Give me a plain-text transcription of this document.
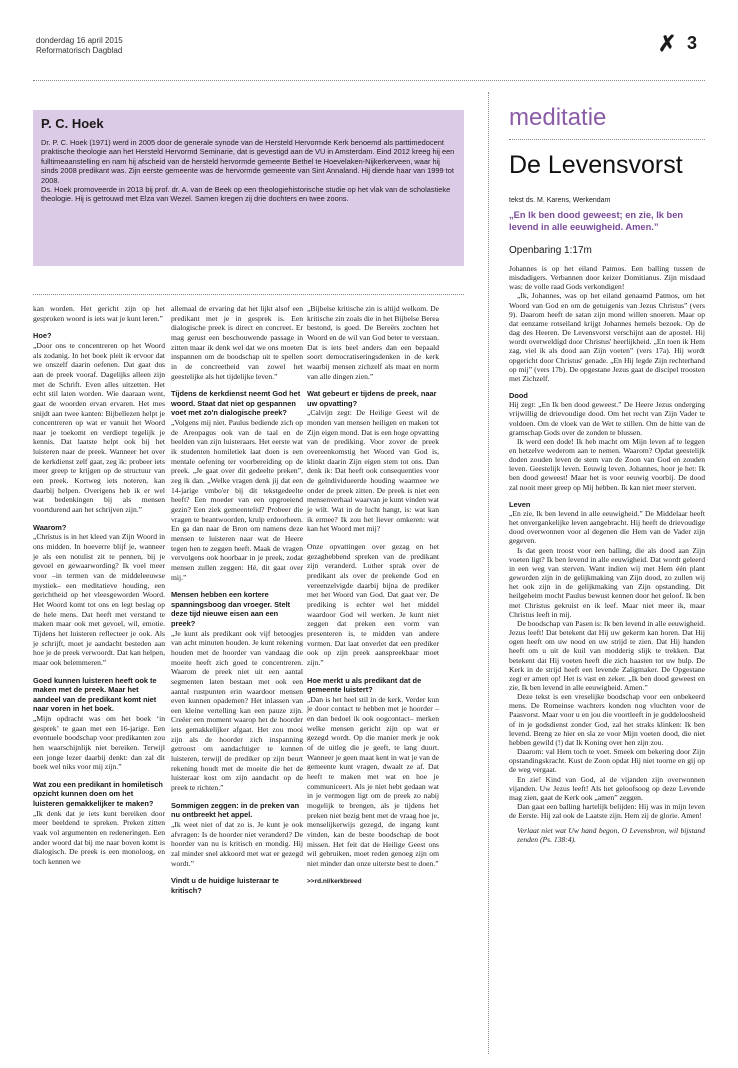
donderdag 16 april 2015
Reformatorisch Dagblad	✗ 3
P. C. Hoek

Dr. P. C. Hoek (1971) werd in 2005 door de generale synode van de Hersteld Hervormde Kerk benoemd als parttimedocent praktische theologie aan het Hersteld Hervormd Seminarie, dat is gevestigd aan de VU in Amsterdam. Eind 2012 kreeg hij een fulltimeaanstelling en nam hij afscheid van de hersteld hervormde gemeente Bethel te Hoevelaken-Nijkerkerveen, waar hij sinds 2008 predikant was. Zijn eerste gemeente was de hervormde gemeente van Sint Annaland. Hij diende haar van 1999 tot 2008.

Ds. Hoek promoveerde in 2013 bij prof. dr. A. van de Beek op een theologiehistorische studie op het vlak van de scholastieke theologie. Hij is getrouwd met Elza van Wezel. Samen kregen zij drie dochters en twee zoons.

kan worden. Het gericht zijn op het gesproken woord is iets wat je kunt leren.”

Hoe?

„Door ons te concentreren op het Woord als zodanig. In het boek pleit ik ervoor dat we onszelf daarin oefenen. Dat gaat dus aan de preek vooraf. Dagelijks alleen zijn met de Schrift. Even alles uitzetten. Het echt stil laten worden. Wie daaraan went, gaat de woorden ervan ervaren. Het mes snijdt aan twee kanten: Bijbellezen helpt je concentreren op wat er vanuit het Woord naar je toekomt en verdiept tegelijk je kennis. Dat laatste helpt ook bij het luisteren naar de preek. Wanneer het over de kerkdienst zelf gaat, zeg ik: probeer iets meer greep te krijgen op de structuur van een preek. Kortweg iets noteren, kan daarbij helpen. Overigens heb ik er wel wat bedenkingen bij als mensen voortdurend aan het schrijven zijn.”

Waarom?

„Christus is in het kleed van Zijn Woord in ons midden. In hoeverre blijf je, wanneer je als een notulist zit te pennen, bij je gevoel en gewaarwording? Ik voel meer voor –in termen van de middeleeuwse mystiek– een meditatieve houding, een gerichtheid op het vleesgeworden Woord. Het Woord komt tot ons en legt beslag op de hele mens. Dat heeft met verstand te maken maar ook met gevoel, wil, emotie. Tijdens het luisteren reflecteer je ook. Als je schrijft, moet je aandacht besteden aan hoe je de preek verwoordt. Dat kan helpen, maar ook belemmeren.”

Goed kunnen luisteren heeft ook te maken met de preek. Maar het aandeel van de predikant komt niet naar voren in het boek.

„Mijn opdracht was om het boek ‘in gesprek’ te gaan met een 16-jarige. Een eventuele boodschap voor predikanten zou hen waarschijnlijk niet bereiken. Terwijl een jonge lezer daarbij denkt: dan zal dit boek wel niks voor mij zijn.”

Wat zou een predikant in homiletisch opzicht kunnen doen om het luisteren gemakkelijker te maken?

„Ik denk dat je iets kunt bereiken door meer beeldend te spreken. Preken zitten vaak vol argumenten en redeneringen. Een ander woord dat bij me naar boven komt is dialogisch. De preek is een monoloog, en toch kennen we

allemaal de ervaring dat het lijkt alsof een predikant met je in gesprek is. Een dialogische preek is direct en concreet. Er mag gerust een beschouwende passage in zitten maar ik denk wel dat we ons moeten inspannen om de boodschap uit te spellen in de concreetheid van zowel het geestelijke als het tijdelijke leven.”

Tijdens de kerkdienst neemt God het woord. Staat dat niet op gespannen voet met zo'n dialogische preek?

„Volgens mij niet. Paulus bediende zich op de Areopagus ook van de taal en de beelden van zijn luisteraars. Het eerste wat ik studenten homiletiek laat doen is een mentale oefening ter voorbereiding op de preek. „Je gaat over dit gedeelte preken”, zeg ik dan. „Welke vragen denk jij dat een 14-jarige vmbo'er bij dit tekstgedeelte heeft? Een moeder van een opgroeiend gezin? Een ziek gemeentelid? Probeer die vragen te beantwoorden, krulp erdoorheen. En ga dan naar de Bron om namens deze mensen te luisteren naar wat de Heere tegen hen te zeggen heeft. Maak de vragen vervolgens ook hoorbaar in je preek, zodat mensen zullen zeggen: Hé, dit gaat over mij.”

Mensen hebben een kortere spanningsboog dan vroeger. Stelt deze tijd nieuwe eisen aan een preek?

„Je kunt als predikant ook vijf betoogjes van acht minuten houden. Je kunt rekening houden met de hoorder van vandaag die moeite heeft zich goed te concentreren. Waarom de preek niet uit een aantal segmenten laten bestaan met ook een aantal rustpunten erin waardoor mensen even kunnen opademen? Het inlassen van een kleine vertelling kan een pauze zijn. Creëer een moment waarop het de hoorder iets gemakkelijker afgaat. Het zou mooi zijn als de hoorder zich inspanning getroost om aandachtiger te kunnen luisteren, terwijl de prediker op zijn beurt rekening houdt met de moeite die het de luisteraar kost om zijn aandacht op de preek te richten.”

Sommigen zeggen: in de preken van nu ontbreekt het appel.

„Ik weet niet of dat zo is. Je kunt je ook afvragen: Is de hoorder niet veranderd? De hoorder van nu is kritisch en mondig. Hij zal minder snel akkoord met wat er gezegd wordt.”

Vindt u de huidige luisteraar te kritisch?

„Bijbelse kritische zin is altijd welkom. De kritische zin zoals die in het Bijbelse Berea bestond, is goed. De Bereërs zochten het Woord en de wil van God beter te verstaan. Dat is iets heel anders dan een bepaald soort democratiseringsdenken in de kerk waarbij mensen zichzelf als maat en norm van alle dingen zien.”

Wat gebeurt er tijdens de preek, naar uw opvatting?

„Calvijn zegt: De Heilige Geest wil de monden van mensen heiligen en maken tot Zijn eigen mond. Dat is een hoge opvatting van de prediking. Voor zover de preek overeenkomstig het Woord van God is, klinkt daarin Zijn eigen stem tot ons. Dan denk ik: Dat heeft ook consequenties voor de geïndividueerde houding waarmee we onder de preek zitten. De preek is niet een mensenverhaal waarvan je kunt vinden wat je wilt. Wat in de lucht hangt, is: wat kan ik ermee? Ik zou het liever omkeren: wat kan het Woord met mij?

Onze opvattingen over gezag en het gezaghebbend spreken van de predikant zijn veranderd. Luther sprak over de predikant als over de prekende God en vereenzelvigde daarbij bijna de prediker met het Woord van God. Dat gaat ver. De prediking is echter wel het middel waardoor God wil werken. Je kunt niet zeggen dat preken een vorm van presenteren is, te midden van andere vormen. Dat laat onverlet dat een prediker ook op zijn preek aanspreekbaar moet zijn.”

Hoe merkt u als predikant dat de gemeente luistert?

„Dan is het heel stil in de kerk. Verder kun je door contact te hebben met je hoorder –en dan bedoel ik ook oogcontact– merken welke mensen gericht zijn op wat er gezegd wordt. Op die manier merk je ook of de uitleg die je geeft, te lang duurt. Wanneer je geen maat kent in wat je van de gemeente kunt vragen, dwaalt ze af. Dat heeft te maken met wat en hoe je communiceert. Als je niet hebt gedaan wat in je vermogen ligt om de preek zo nabij mogelijk te brengen, als je tijdens het preken niet bezig bent met de vraag hoe je, menselijkerwijs gezegd, de ingang kunt vinden, kan de beste boodschap de boot missen. Het feit dat de Heilige Geest ons wil gebruiken, moet reden genoeg zijn om niet minder dan onze uiterste best te doen.”

>>rd.nl/kerkbreed

meditatie
De Levensvorst
tekst ds. M. Karens, Werkendam
„En Ik ben dood geweest; en zie, Ik ben levend in alle eeuwigheid. Amen.”
Openbaring 1:17m

Johannes is op het eiland Patmos. Een balling tussen de misdadigers. Verbannen door keizer Domitianus. Zijn misdaad was: de volle raad Gods verkondigen!

„Ik, Johannes, was op het eiland genaamd Patmos, om het Woord van God en om de getuigenis van Jezus Christus” (vers 9). Daarom heeft de satan zijn mond willen snoeren. Maar op dat eenzame rotseiland krijgt Johannes hemels bezoek. Op de dag des Heeren. De Levensvorst verschijnt aan de apostel. Hij wordt overweldigd door Christus' heerlijkheid. „En toen ik Hem zag, viel ik als dood aan Zijn voeten” (vers 17a). Hij wordt opgericht door Christus' genade. „En Hij legde Zijn rechterhand op mij” (vers 17b). De opgestane Jezus gaat de discipel troosten met Zichzelf.

Dood

Hij zegt: „En Ik ben dood geweest.” De Heere Jezus onderging vrijwillig de drievoudige dood. Om het recht van Zijn Vader te voldoen. Om de vloek van de Wet te stillen. Om de hitte van de gramschap Gods over de zonden te blussen.

Ik werd een dode! Ik heb macht om Mijn leven af te leggen en hetzelve wederom aan te nemen. Waarom? Opdat geestelijk doden zouden leven de stem van de Zoon van God en zouden leven. Geestelijk leven. Eeuwig leven. Johannes, hoor je het: Ik ben dood geweest! Maar het is voor eeuwig voorbij. De dood zal nooit meer greep op Mij hebben. Ik kan niet meer sterven.

Leven

„En zie, Ik ben levend in alle eeuwigheid.” De Middelaar heeft het onvergankelijke leven aangebracht. Hij heeft de drievoudige dood overwonnen voor al degenen die Hem van de Vader zijn gegeven.

Is dat geen troost voor een balling, die als dood aan Zijn voeten ligt? Ik ben levend in alle eeuwigheid. Dat wordt geleerd in een weg van sterven. Want indien wij met Hem één plant geworden zijn in de gelijkmaking van Zijn dood, zo zullen wij het ook zijn in de gelijkmaking van Zijn opstanding. Dit heilgeheim mocht Paulus bewust kennen door het geloof. Ik ben met Christus gekruist en ik leef. Maar niet meer ik, maar Christus leeft in mij.

De boodschap van Pasen is: Ik ben levend in alle eeuwigheid. Jezus leeft! Dat betekent dat Hij uw gekerm kan horen. Dat Hij ogen heeft om uw nood en uw strijd te zien. Dat Hij handen heeft om u uit de kuil van modderig slijk te trekken. Dat betekent dat Hij voeten heeft die zich haasten tot uw hulp. De Kerk in de strijd heeft een levende Zaligmaker. De Opgestane zegt er amen op! Het is vast en zeker. „Ik ben dood geweest en zie, Ik ben levend in alle eeuwigheid. Amen.”

Deze tekst is een vreselijke boodschap voor een onbekeerd mens. De Romeinse wachters konden nog vluchten voor de Paasvorst. Maar voor u en jou die voortleeft in je goddeloosheid of in je godsdienst zonder God, zal het straks klinken: Ik ben levend. Breng ze hier en sla ze voor Mijn voeten dood, die niet hebben gewild (!) dat Ik Koning over hen zijn zou.

Daarom: val Hem toch te voet. Smeek om bekering door Zijn opstandingskracht. Kust de Zoon opdat Hij niet toorne en gij op de weg vergaat.

En zie! Kind van God, al de vijanden zijn overwonnen vijanden. Uw Jezus leeft! Als het geloofsoog op deze Levende mag zien, gaat de Kerk ook „amen” zeggen.

Dan gaat een balling hartelijk belijden: Hij was in mijn leven de Eerste. Hij zal ook de Laatste zijn. Hem zij de glorie. Amen!

Verlaat niet wat Uw hand begon, O Levensbron, wil bijstand zenden (Ps. 138:4).
